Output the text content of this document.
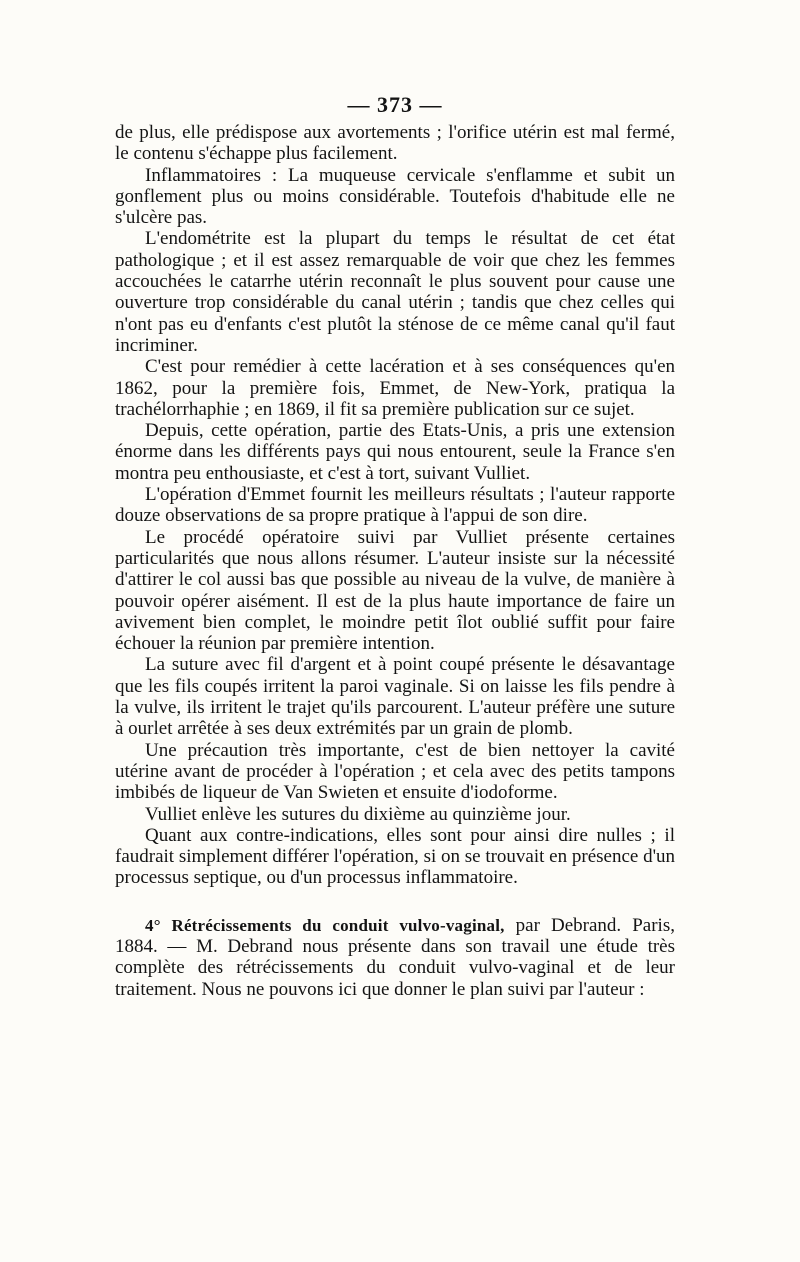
— 373 —

de plus, elle prédispose aux avortements ; l'orifice utérin est mal fermé, le contenu s'échappe plus facilement.

Inflammatoires : La muqueuse cervicale s'enflamme et subit un gonflement plus ou moins considérable. Toutefois d'habitude elle ne s'ulcère pas.

L'endométrite est la plupart du temps le résultat de cet état pathologique ; et il est assez remarquable de voir que chez les femmes accouchées le catarrhe utérin reconnaît le plus souvent pour cause une ouverture trop considérable du canal utérin ; tandis que chez celles qui n'ont pas eu d'enfants c'est plutôt la sténose de ce même canal qu'il faut incriminer.

C'est pour remédier à cette lacération et à ses conséquences qu'en 1862, pour la première fois, Emmet, de New-York, pratiqua la trachélorrhaphie ; en 1869, il fit sa première publication sur ce sujet.

Depuis, cette opération, partie des Etats-Unis, a pris une extension énorme dans les différents pays qui nous entourent, seule la France s'en montra peu enthousiaste, et c'est à tort, suivant Vulliet.

L'opération d'Emmet fournit les meilleurs résultats ; l'auteur rapporte douze observations de sa propre pratique à l'appui de son dire.

Le procédé opératoire suivi par Vulliet présente certaines particularités que nous allons résumer. L'auteur insiste sur la nécessité d'attirer le col aussi bas que possible au niveau de la vulve, de manière à pouvoir opérer aisément. Il est de la plus haute importance de faire un avivement bien complet, le moindre petit îlot oublié suffit pour faire échouer la réunion par première intention.

La suture avec fil d'argent et à point coupé présente le désavantage que les fils coupés irritent la paroi vaginale. Si on laisse les fils pendre à la vulve, ils irritent le trajet qu'ils parcourent. L'auteur préfère une suture à ourlet arrêtée à ses deux extrémités par un grain de plomb.

Une précaution très importante, c'est de bien nettoyer la cavité utérine avant de procéder à l'opération ; et cela avec des petits tampons imbibés de liqueur de Van Swieten et ensuite d'iodoforme.

Vulliet enlève les sutures du dixième au quinzième jour.

Quant aux contre-indications, elles sont pour ainsi dire nulles ; il faudrait simplement différer l'opération, si on se trouvait en présence d'un processus septique, ou d'un processus inflammatoire.

4° Rétrécissements du conduit vulvo-vaginal, par Debrand. Paris, 1884. — M. Debrand nous présente dans son travail une étude très complète des rétrécissements du conduit vulvo-vaginal et de leur traitement. Nous ne pouvons ici que donner le plan suivi par l'auteur :
